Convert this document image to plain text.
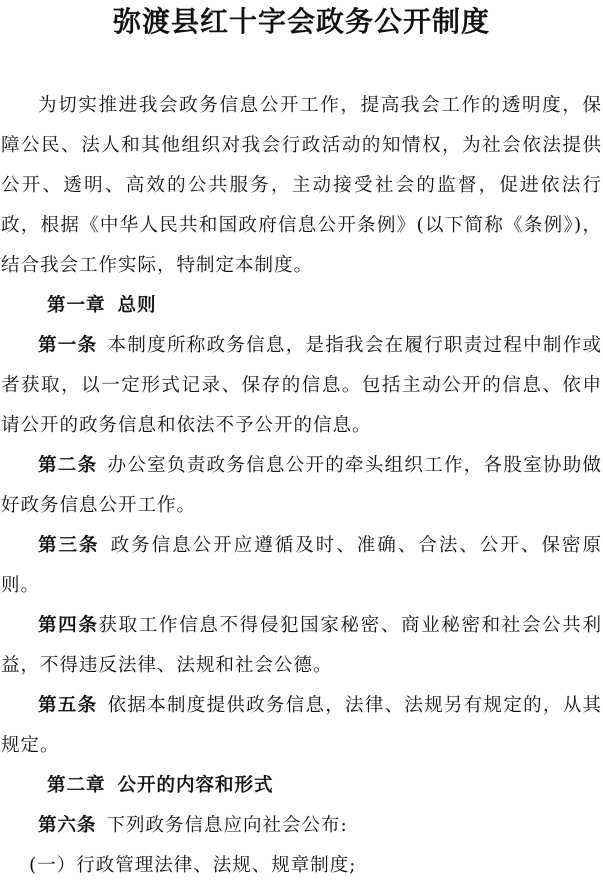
弥渡县红十字会政务公开制度

为切实推进我会政务信息公开工作，提高我会工作的透明度，保障公民、法人和其他组织对我会行政活动的知情权，为社会依法提供公开、透明、高效的公共服务，主动接受社会的监督，促进依法行政，根据《中华人民共和国政府信息公开条例》(以下简称《条例》)，结合我会工作实际，特制定本制度。

第一章 总则

第一条 本制度所称政务信息，是指我会在履行职责过程中制作或者获取，以一定形式记录、保存的信息。包括主动公开的信息、依申请公开的政务信息和依法不予公开的信息。

第二条 办公室负责政务信息公开的牵头组织工作，各股室协助做好政务信息公开工作。

第三条 政务信息公开应遵循及时、准确、合法、公开、保密原则。

第四条获取工作信息不得侵犯国家秘密、商业秘密和社会公共利益，不得违反法律、法规和社会公德。

第五条 依据本制度提供政务信息，法律、法规另有规定的，从其规定。

第二章 公开的内容和形式

第六条 下列政务信息应向社会公布:

(一）行政管理法律、法规、规章制度;
